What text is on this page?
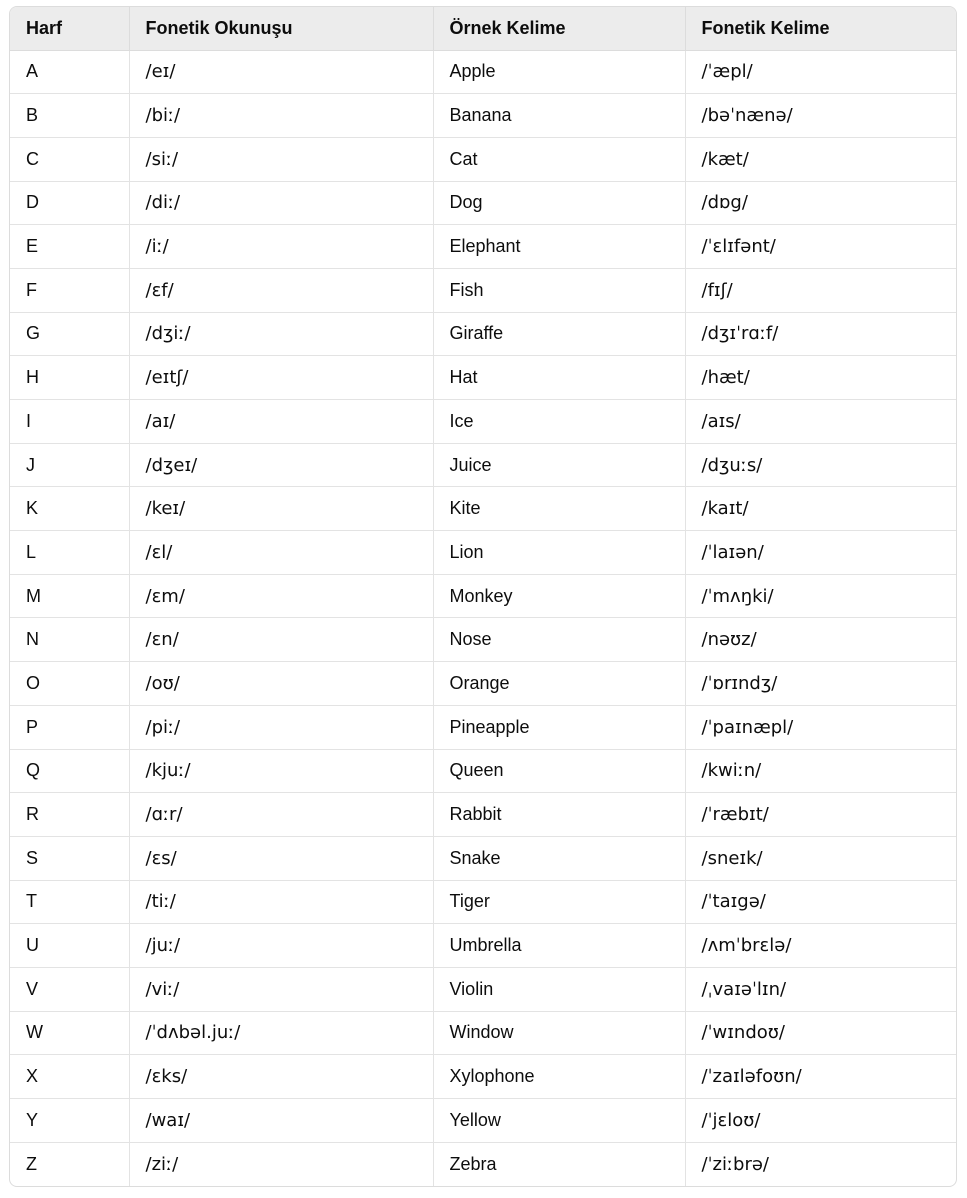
Harf	Fonetik Okunuşu	Örnek Kelime	Fonetik Kelime
A	/eɪ/	Apple	/ˈæpl/
B	/biː/	Banana	/bəˈnænə/
C	/siː/	Cat	/kæt/
D	/diː/	Dog	/dɒg/
E	/iː/	Elephant	/ˈɛlɪfənt/
F	/ɛf/	Fish	/fɪʃ/
G	/dʒiː/	Giraffe	/dʒɪˈrɑːf/
H	/eɪtʃ/	Hat	/hæt/
I	/aɪ/	Ice	/aɪs/
J	/dʒeɪ/	Juice	/dʒuːs/
K	/keɪ/	Kite	/kaɪt/
L	/ɛl/	Lion	/ˈlaɪən/
M	/ɛm/	Monkey	/ˈmʌŋki/
N	/ɛn/	Nose	/nəʊz/
O	/oʊ/	Orange	/ˈɒrɪndʒ/
P	/piː/	Pineapple	/ˈpaɪnæpl/
Q	/kjuː/	Queen	/kwiːn/
R	/ɑːr/	Rabbit	/ˈræbɪt/
S	/ɛs/	Snake	/sneɪk/
T	/tiː/	Tiger	/ˈtaɪgə/
U	/juː/	Umbrella	/ʌmˈbrɛlə/
V	/viː/	Violin	/ˌvaɪəˈlɪn/
W	/ˈdʌbəl.juː/	Window	/ˈwɪndoʊ/
X	/ɛks/	Xylophone	/ˈzaɪləfoʊn/
Y	/waɪ/	Yellow	/ˈjɛloʊ/
Z	/ziː/	Zebra	/ˈziːbrə/
